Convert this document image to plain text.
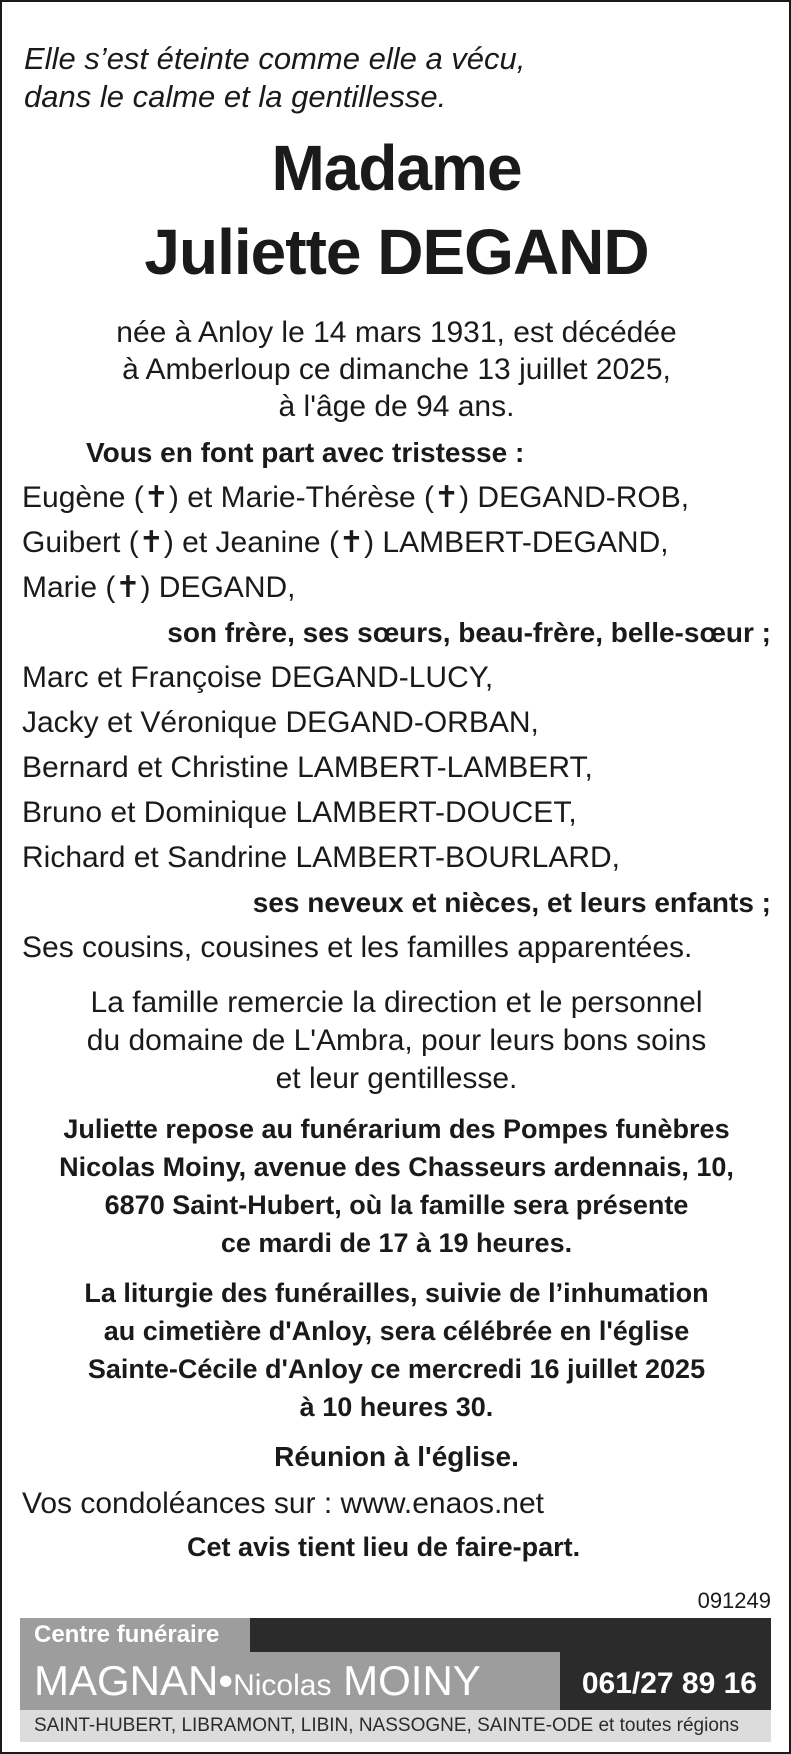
Elle s’est éteinte comme elle a vécu,
dans le calme et la gentillesse.
Madame
Juliette DEGAND
née à Anloy le 14 mars 1931, est décédée
à Amberloup ce dimanche 13 juillet 2025,
à l'âge de 94 ans.
Vous en font part avec tristesse :
Eugène (✝) et Marie-Thérèse (✝) DEGAND-ROB,
Guibert (✝) et Jeanine (✝) LAMBERT-DEGAND,
Marie (✝) DEGAND,
son frère, ses sœurs, beau-frère, belle-sœur ;
Marc et Françoise DEGAND-LUCY,
Jacky et Véronique DEGAND-ORBAN,
Bernard et Christine LAMBERT-LAMBERT,
Bruno et Dominique LAMBERT-DOUCET,
Richard et Sandrine LAMBERT-BOURLARD,
ses neveux et nièces, et leurs enfants ;
Ses cousins, cousines et les familles apparentées.
La famille remercie la direction et le personnel
du domaine de L'Ambra, pour leurs bons soins
et leur gentillesse.
Juliette repose au funérarium des Pompes funèbres
Nicolas Moiny, avenue des Chasseurs ardennais, 10,
6870 Saint-Hubert, où la famille sera présente
ce mardi de 17 à 19 heures.
La liturgie des funérailles, suivie de l’inhumation
au cimetière d'Anloy, sera célébrée en l'église
Sainte-Cécile d'Anloy ce mercredi 16 juillet 2025
à 10 heures 30.
Réunion à l'église.
Vos condoléances sur : www.enaos.net
Cet avis tient lieu de faire-part.
091249
Centre funéraire
MAGNAN•Nicolas MOINY	061/27 89 16
SAINT-HUBERT, LIBRAMONT, LIBIN, NASSOGNE, SAINTE-ODE et toutes régions
